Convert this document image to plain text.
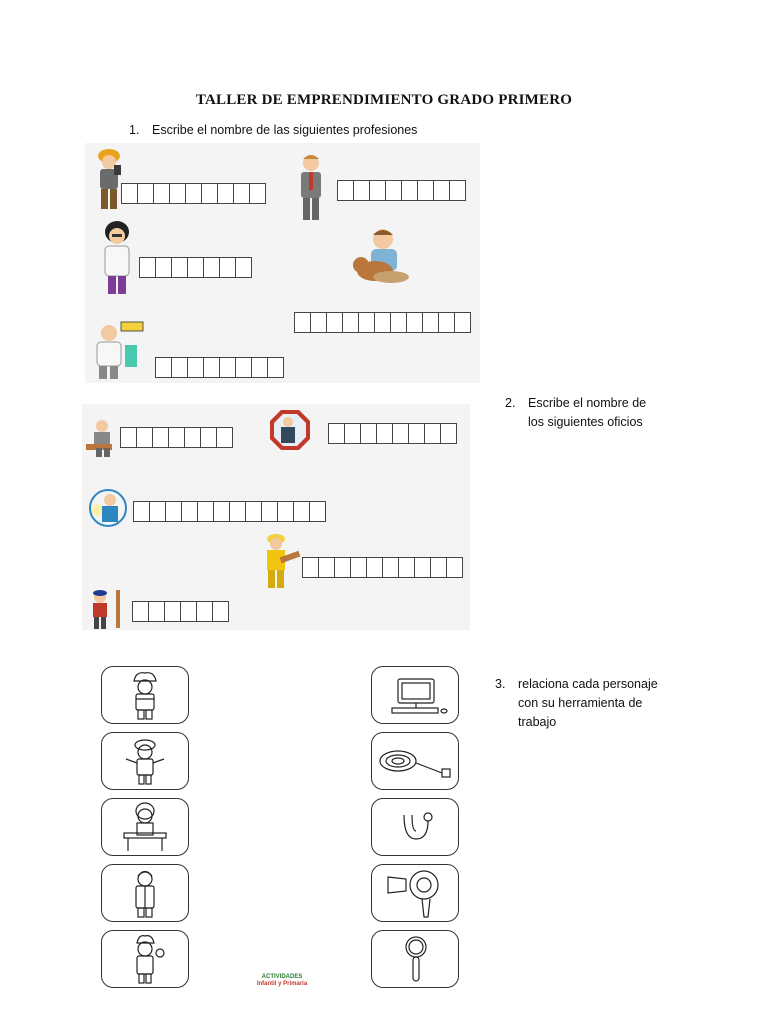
TALLER DE EMPRENDIMIENTO GRADO PRIMERO
1. Escribe el nombre de las siguientes profesiones
2. Escribe el nombre de
los siguientes oficios
3. relaciona cada personaje
con su herramienta de
trabajo
ACTIVIDADES
Infantil y Primaria
